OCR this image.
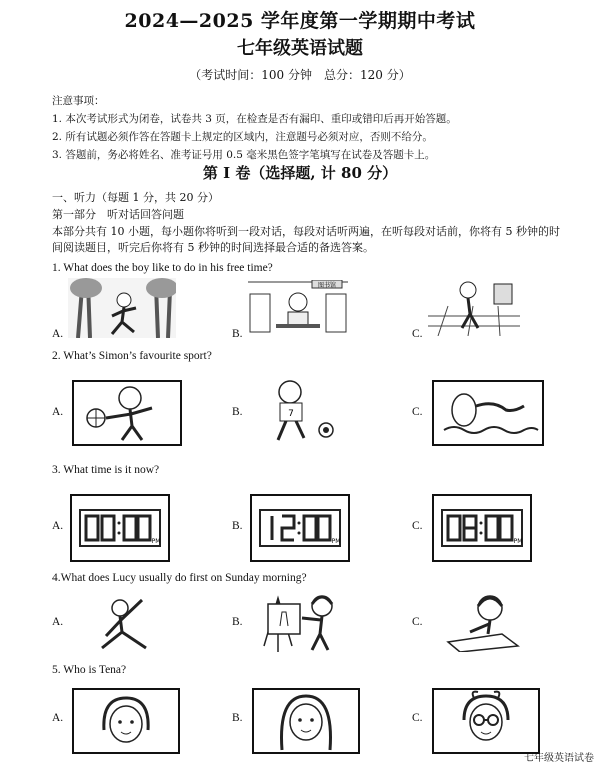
2024—2025 学年度第一学期期中考试
七年级英语试题
（考试时间：100 分钟　总分：120 分）
注意事项：
1. 本次考试形式为闭卷，试卷共 3 页，在检查是否有漏印、重印或错印后再开始答题。
2. 所有试题必须作答在答题卡上规定的区域内，注意题号必须对应，否则不给分。
3. 答题前，务必将姓名、准考证号用 0.5 毫米黑色签字笔填写在试卷及答题卡上。
第 I 卷（选择题, 计 80 分）
一、听力（每题 1 分，共 20 分）
第一部分　听对话回答问题
本部分共有 10 小题，每小题你将听到一段对话，每段对话听两遍，在听每段对话前，你将有 5 秒钟的时
间阅读题目，听完后你将有 5 秒钟的时间选择最合适的备选答案。
1. What does the boy like to do in his free time?
A.	B.	C.
图书馆
2. What’s Simon’s favourite sport?
A.	B.	C.
7
3. What time is it now?
A.	B.	C.
PM	PM	PM
4.What does Lucy usually do first on Sunday morning?
A.	B.	C.
5. Who is Tena?
A.	B.	C.
七年级英语试卷
